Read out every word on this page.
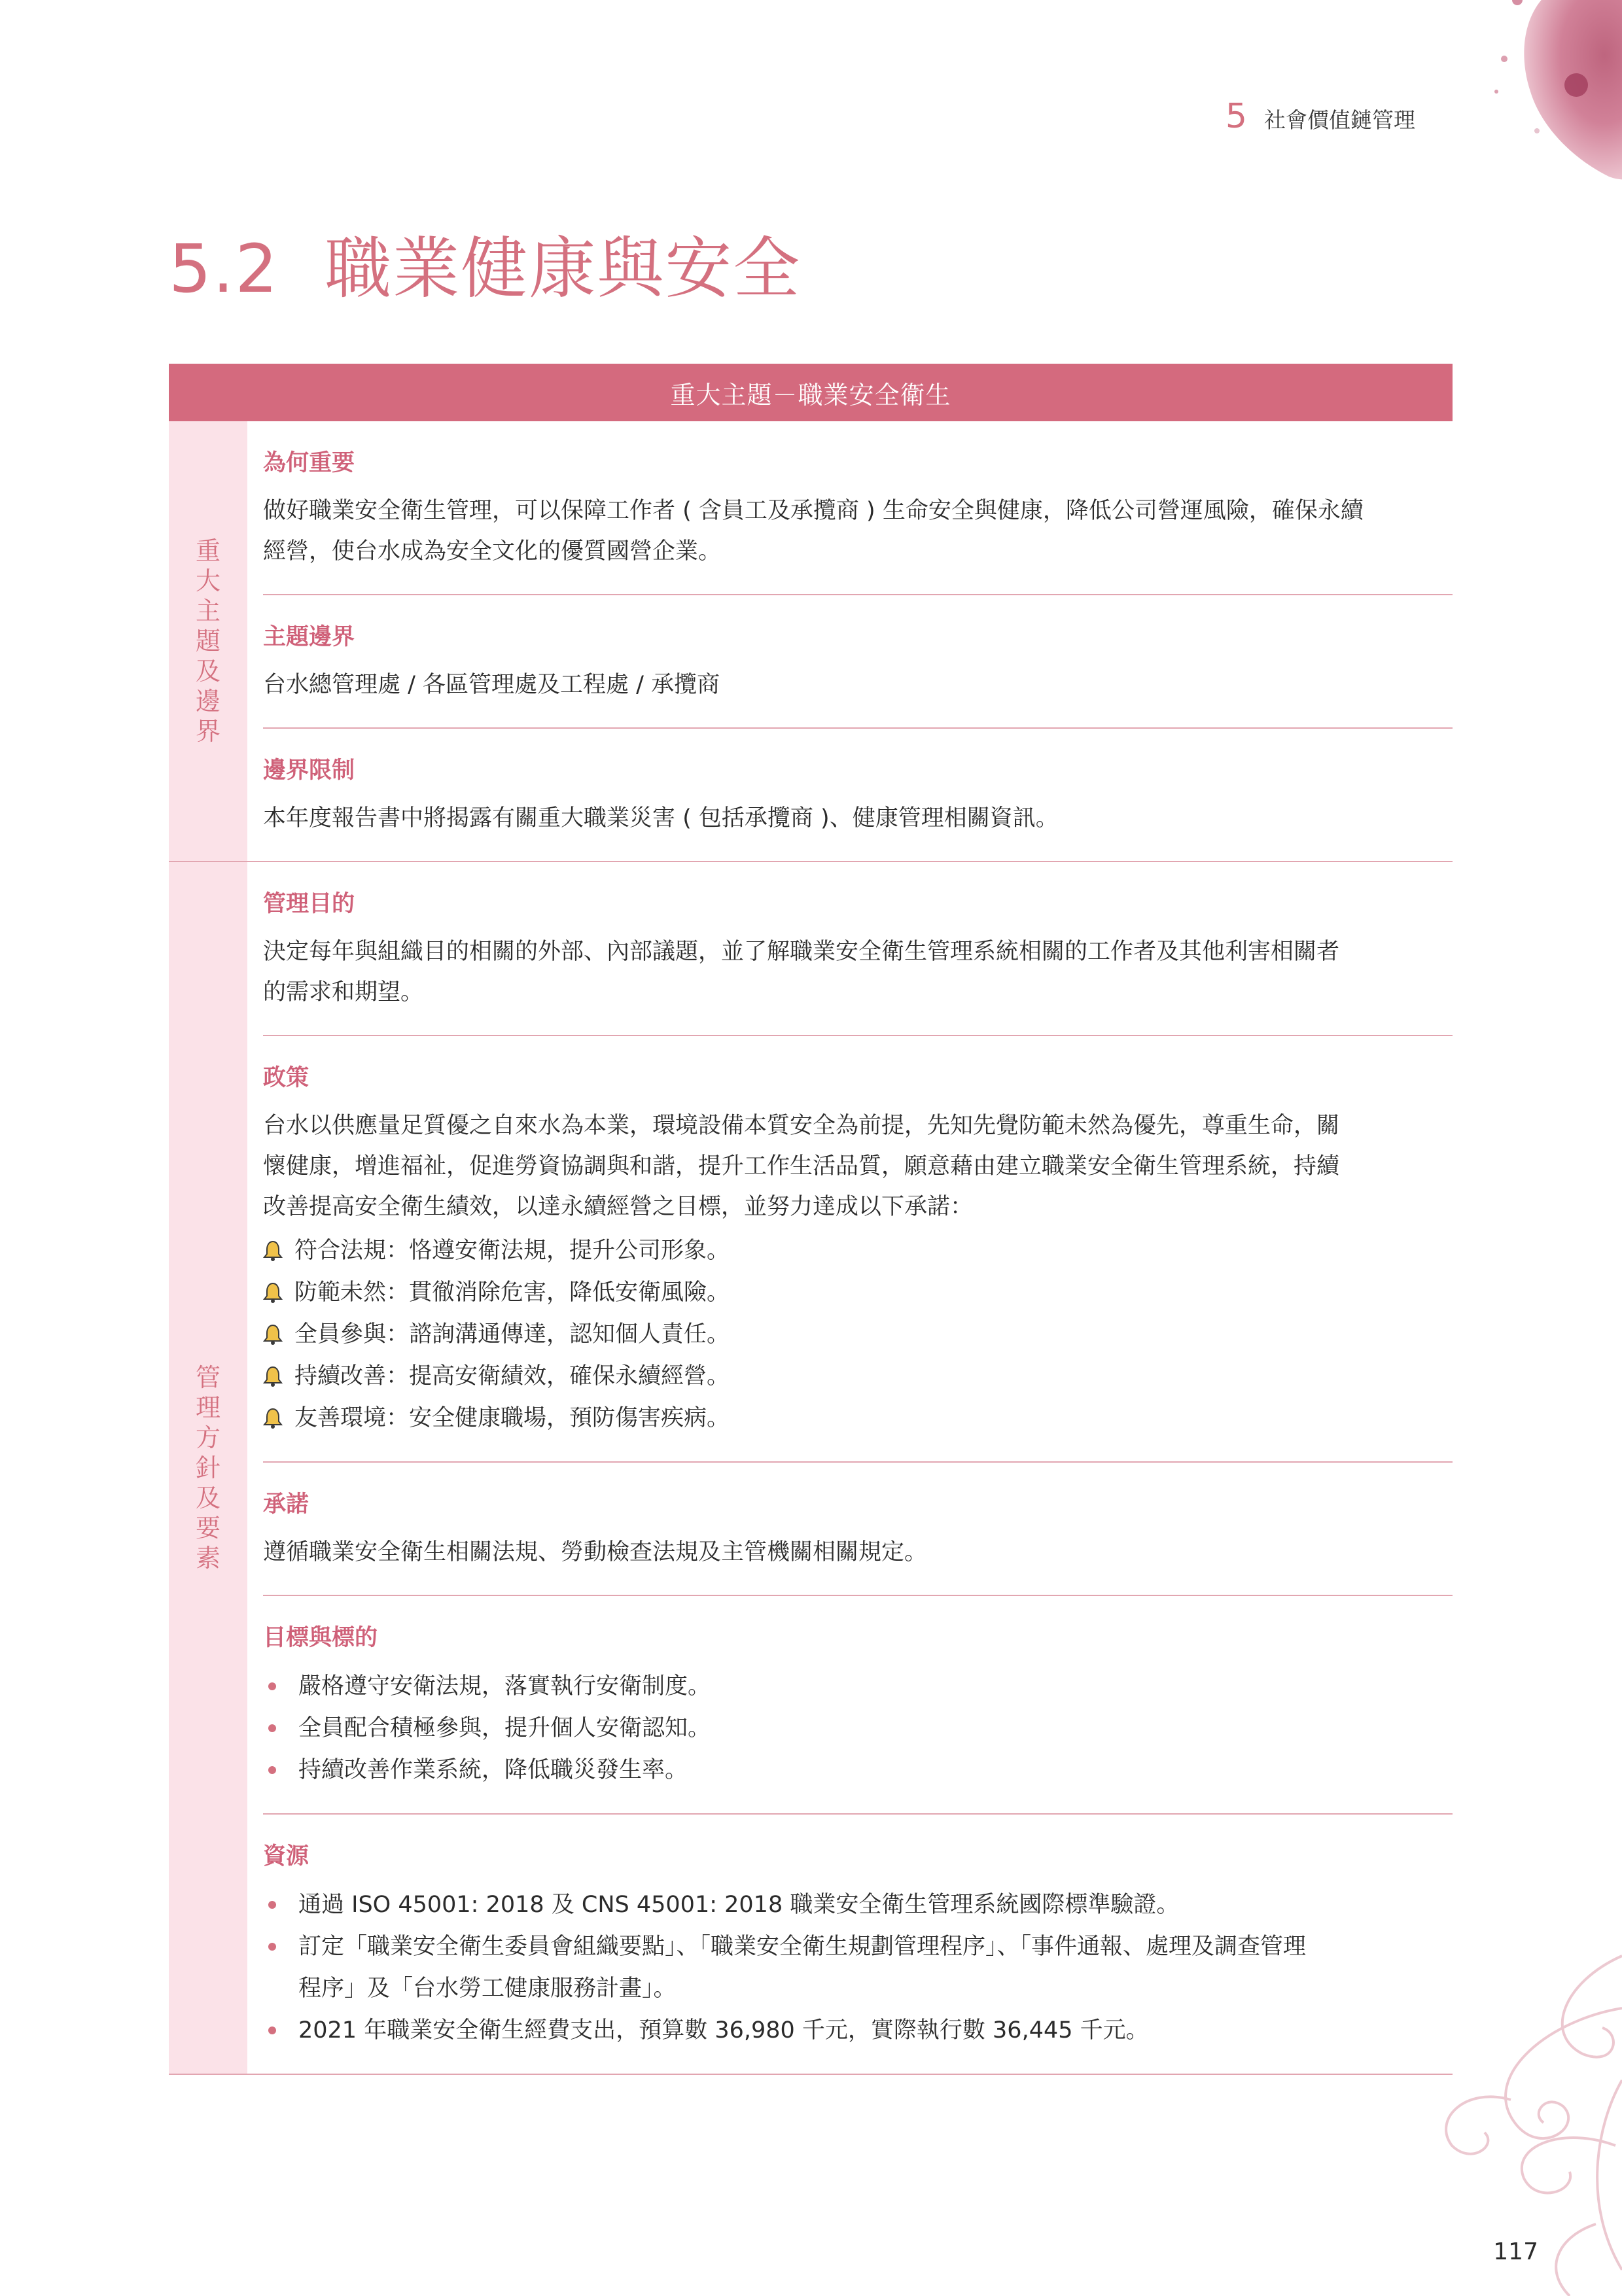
5 社會價值鏈管理
5.2 職業健康與安全
重大主題－職業安全衛生
重大主題及邊界
為何重要
做好職業安全衛生管理，可以保障工作者 ( 含員工及承攬商 ) 生命安全與健康，降低公司營運風險，確保永續
經營，使台水成為安全文化的優質國營企業。
主題邊界
台水總管理處 / 各區管理處及工程處 / 承攬商
邊界限制
本年度報告書中將揭露有關重大職業災害 ( 包括承攬商 )、健康管理相關資訊。
管理方針及要素
管理目的
決定每年與組織目的相關的外部、內部議題，並了解職業安全衛生管理系統相關的工作者及其他利害相關者
的需求和期望。
政策
台水以供應量足質優之自來水為本業，環境設備本質安全為前提，先知先覺防範未然為優先，尊重生命，關
懷健康，增進福祉，促進勞資協調與和諧，提升工作生活品質，願意藉由建立職業安全衛生管理系統，持續
改善提高安全衛生績效，以達永續經營之目標，並努力達成以下承諾：
符合法規：恪遵安衛法規，提升公司形象。
防範未然：貫徹消除危害，降低安衛風險。
全員參與：諮詢溝通傳達，認知個人責任。
持續改善：提高安衛績效，確保永續經營。
友善環境：安全健康職場，預防傷害疾病。
承諾
遵循職業安全衛生相關法規、勞動檢查法規及主管機關相關規定。
目標與標的
嚴格遵守安衛法規，落實執行安衛制度。
全員配合積極參與，提升個人安衛認知。
持續改善作業系統，降低職災發生率。
資源
通過 ISO 45001: 2018 及 CNS 45001: 2018 職業安全衛生管理系統國際標準驗證。
訂定「職業安全衛生委員會組織要點」、「職業安全衛生規劃管理程序」、「事件通報、處理及調查管理
程序」及「台水勞工健康服務計畫」。
2021 年職業安全衛生經費支出，預算數 36,980 千元，實際執行數 36,445 千元。
117
